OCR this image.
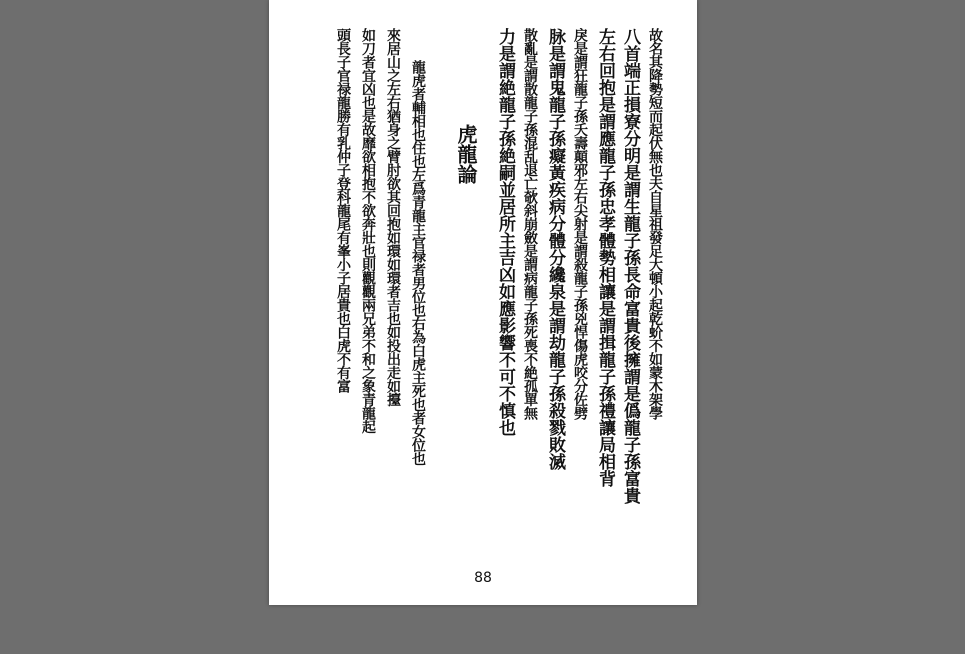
故名其降勢短而起伏無也夫自星祖發足大頓小起乾蚧不如蒙木架學
八首端正損寮分明是謂生龍子孫長命富貴後擁謂是僞龍子孫富貴
左右回抱是謂應龍子孫忠孝體勢相讓是謂揖龍子孫禮讓局相背
戾是謂狂龍子孫夭壽顛邪左右尖射是謂殺龍子孫兇悍傷虎咬分佐劈
脉是謂鬼龍子孫癡黃疾病分體分纔泉是謂劫龍子孫殺戮敗滅
散亂是謂散龍子孫混乱退亡欹斜崩斂是謂病龍子孫死喪不絶孤單無
力是謂絶龍子孫絶嗣並居所主吉凶如應影響不可不慎也
虎龍論
龍虎者輔相也住也左爲青龍主官禄者男位也右為白虎主死也者女位也
來居山之左右猶身之臂肘欲其回抱如環如環者吉也如投出走如擡
如刀者宜凶也是故靡欲相抱不欲奔壯也則觀觀兩兄弟不和之象青龍起
頭長子官禄龍勝有乳仲子登科龍尾有峯小子居貴也白虎不有富
88
